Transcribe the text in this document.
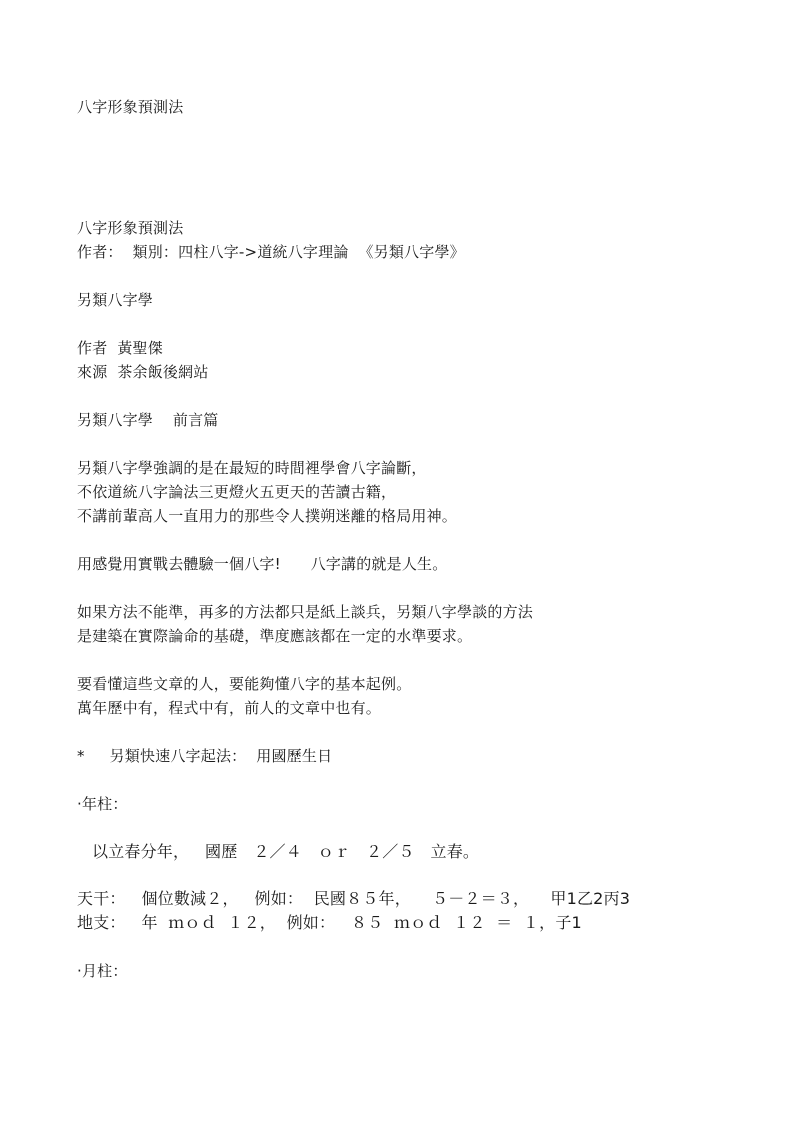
八字形象預測法
八字形象預測法
作者：  類別：四柱八字->道統八字理論  《另類八字學》
另類八字學
作者  黃聖傑
來源  茶余飯後網站
另類八字學    前言篇
另類八字學強調的是在最短的時間裡學會八字論斷，
不依道統八字論法三更燈火五更天的苦讀古籍，
不講前輩高人一直用力的那些令人撲朔迷離的格局用神。
用感覺用實戰去體驗一個八字!      八字講的就是人生。
如果方法不能準，再多的方法都只是紙上談兵，另類八字學談的方法
是建築在實際論命的基礎，準度應該都在一定的水準要求。
要看懂這些文章的人，要能夠懂八字的基本起例。
萬年歷中有，程式中有，前人的文章中也有。
*     另類快速八字起法：  用國歷生日
·年柱：
以立春分年，   國歷   ２／４   ｏｒ   ２／５   立春。
天干：   個位數減２，   例如：  民國８５年，    ５－２＝３，    甲1乙2丙3
地支：   年  ｍｏｄ  １２，  例如：   ８５  ｍｏｄ  １２  ＝  １，子1
·月柱：
